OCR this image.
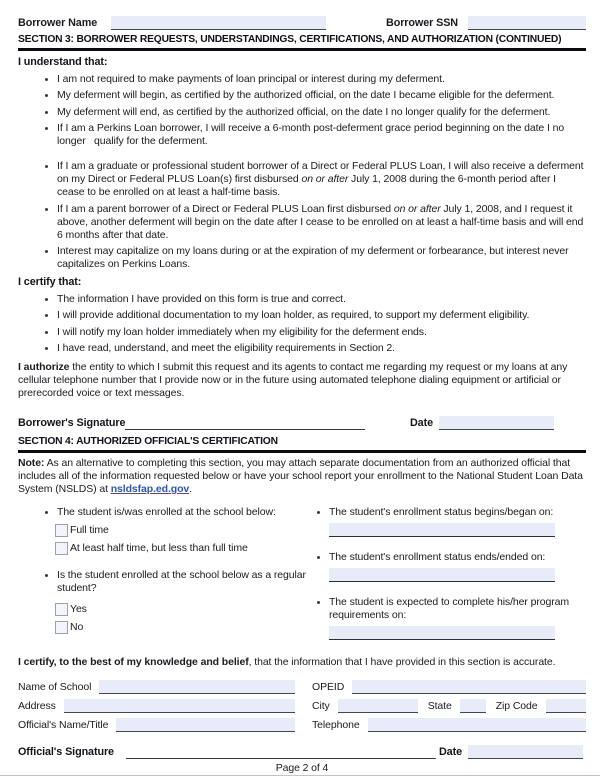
Borrower Name	Borrower SSN
SECTION 3: BORROWER REQUESTS, UNDERSTANDINGS, CERTIFICATIONS, AND AUTHORIZATION (CONTINUED)
I understand that:
I am not required to make payments of loan principal or interest during my deferment.
My deferment will begin, as certified by the authorized official, on the date I became eligible for the deferment.
My deferment will end, as certified by the authorized official, on the date I no longer qualify for the deferment.
If I am a Perkins Loan borrower, I will receive a 6-month post-deferment grace period beginning on the date I no longer   qualify for the deferment.
If I am a graduate or professional student borrower of a Direct or Federal PLUS Loan, I will also receive a deferment on my Direct or Federal PLUS Loan(s) first disbursed on or after July 1, 2008 during the 6-month period after I cease to be enrolled on at least a half-time basis.
If I am a parent borrower of a Direct or Federal PLUS Loan first disbursed on or after July 1, 2008, and I request it above, another deferment will begin on the date after I cease to be enrolled on at least a half-time basis and will end 6 months after that date.
Interest may capitalize on my loans during or at the expiration of my deferment or forbearance, but interest never capitalizes on Perkins Loans.
I certify that:
The information I have provided on this form is true and correct.
I will provide additional documentation to my loan holder, as required, to support my deferment eligibility.
I will notify my loan holder immediately when my eligibility for the deferment ends.
I have read, understand, and meet the eligibility requirements in Section 2.

I authorize the entity to which I submit this request and its agents to contact me regarding my request or my loans at any cellular telephone number that I provide now or in the future using automated telephone dialing equipment or artificial or prerecorded voice or text messages.

Borrower's Signature	Date
SECTION 4: AUTHORIZED OFFICIAL'S CERTIFICATION

Note: As an alternative to completing this section, you may attach separate documentation from an authorized official that includes all of the information requested below or have your school report your enrollment to the National Student Loan Data System (NSLDS) at nsldsfap.ed.gov.

The student is/was enrolled at the school below:
Full time
At least half time, but less than full time
Is the student enrolled at the school below as a regular student?
Yes
No
The student's enrollment status begins/began on:
The student's enrollment status ends/ended on:
The student is expected to complete his/her program requirements on:

I certify, to the best of my knowledge and belief, that the information that I have provided in this section is accurate.

Name of School	OPEID
Address	City	State	Zip Code
Official's Name/Title	Telephone
Official's Signature	Date
Page 2 of 4
